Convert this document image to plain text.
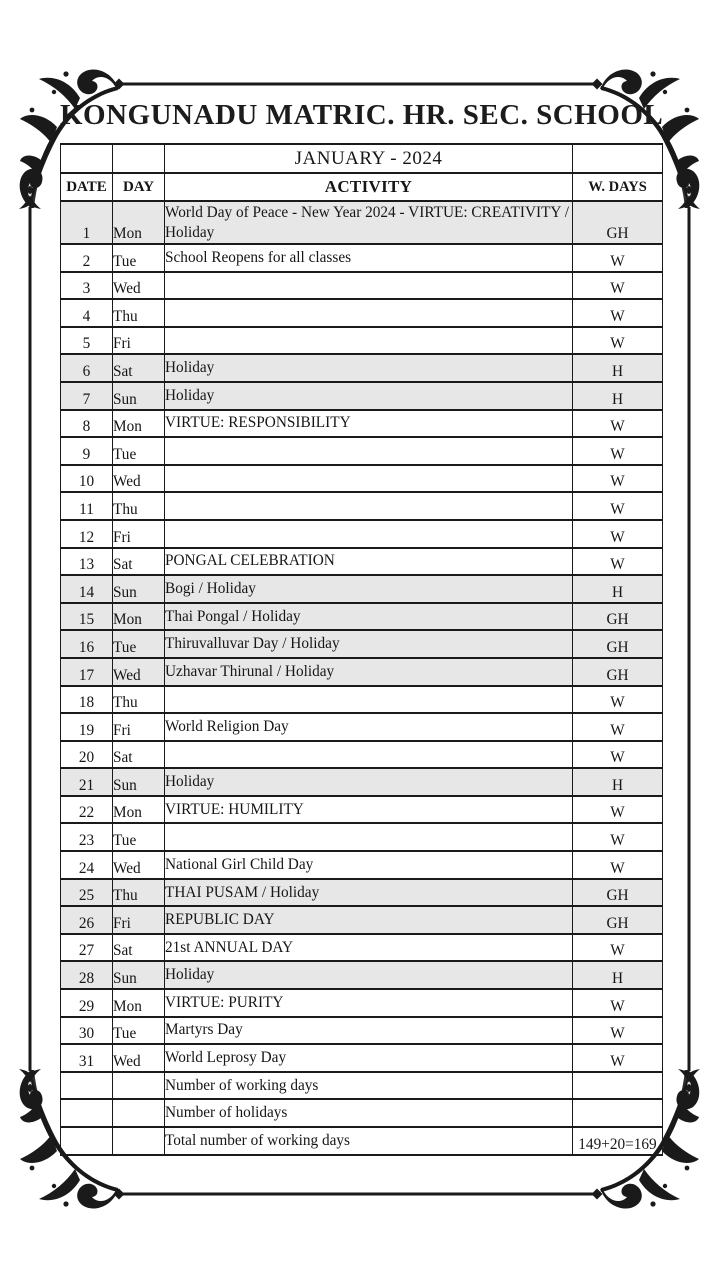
KONGUNADU MATRIC. HR. SEC. SCHOOL
		JANUARY - 2024	
DATE	DAY	ACTIVITY	W. DAYS
1	Mon	World Day of Peace - New Year 2024 - VIRTUE: CREATIVITY / Holiday	GH
2	Tue	School Reopens for all classes	W
3	Wed		W
4	Thu		W
5	Fri		W
6	Sat	Holiday	H
7	Sun	Holiday	H
8	Mon	VIRTUE: RESPONSIBILITY	W
9	Tue		W
10	Wed		W
11	Thu		W
12	Fri		W
13	Sat	PONGAL CELEBRATION	W
14	Sun	Bogi / Holiday	H
15	Mon	Thai Pongal / Holiday	GH
16	Tue	Thiruvalluvar Day / Holiday	GH
17	Wed	Uzhavar Thirunal / Holiday	GH
18	Thu		W
19	Fri	World Religion Day	W
20	Sat		W
21	Sun	Holiday	H
22	Mon	VIRTUE: HUMILITY	W
23	Tue		W
24	Wed	National Girl Child Day	W
25	Thu	THAI PUSAM / Holiday	GH
26	Fri	REPUBLIC DAY	GH
27	Sat	21st ANNUAL DAY	W
28	Sun	Holiday	H
29	Mon	VIRTUE: PURITY	W
30	Tue	Martyrs Day	W
31	Wed	World Leprosy Day	W
		Number of working days	
		Number of holidays	
		Total number of working days	149+20=169
